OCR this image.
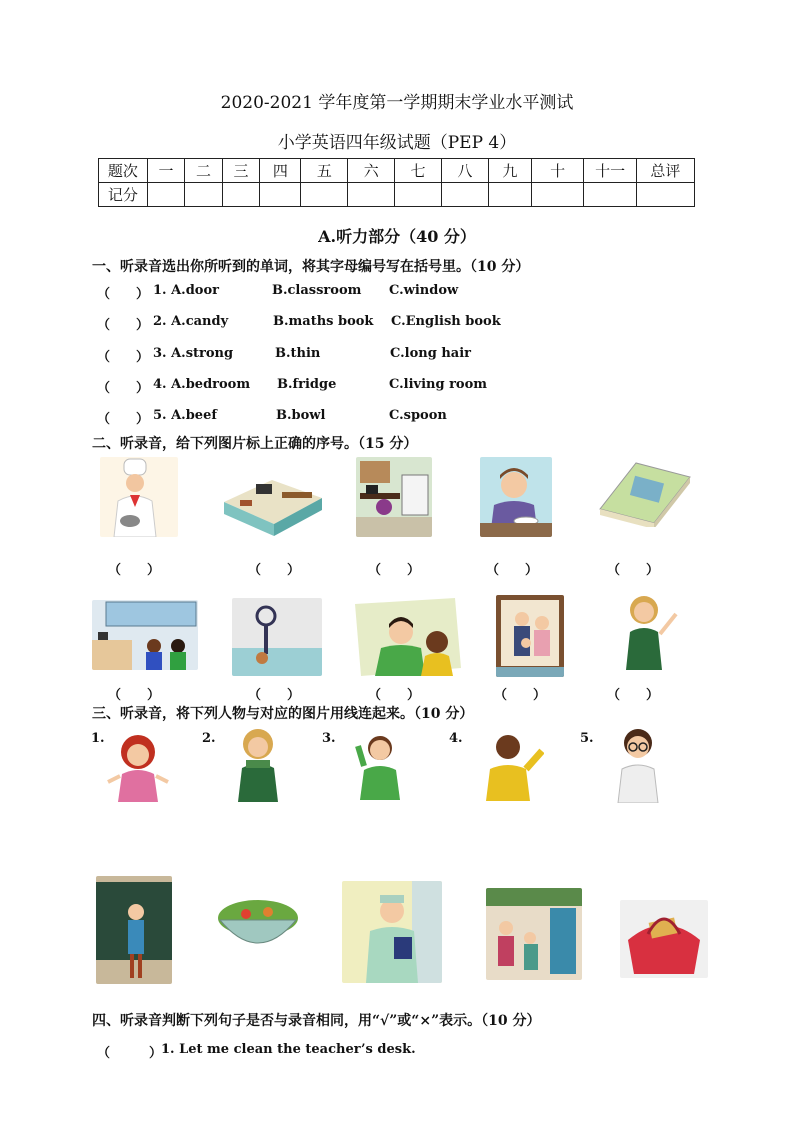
2020-2021 学年度第一学期期末学业水平测试
小学英语四年级试题（PEP 4）
题次	一	二	三	四	五	六	七	八	九	十	十一	总评
记分												
A.听力部分（40 分）
一、听录音选出你所听到的单词，将其字母编号写在括号里。（10 分）
（　　） 1. A.door	B.classroom C.window
（　　） 2. A.candy	B.maths book C.English book
（　　） 3. A.strong	B.thin	C.long hair
（　　） 4. A.bedroom B.fridge	C.living room
（　　） 5. A.beef	B.bowl	C.spoon
二、听录音，给下列图片标上正确的序号。（15 分）
（　　）	（　　）	（　　）	（　　）	（　　）
（　　）	（　　）	（　　）	（　　）	（　　）
三、听录音，将下列人物与对应的图片用线连起来。（10 分）
1.	2.	3.	4.	5.
四、听录音判断下列句子是否与录音相同，用“√”或“×”表示。（10 分）
（　　　）
1. Let me clean the teacher’s desk.
